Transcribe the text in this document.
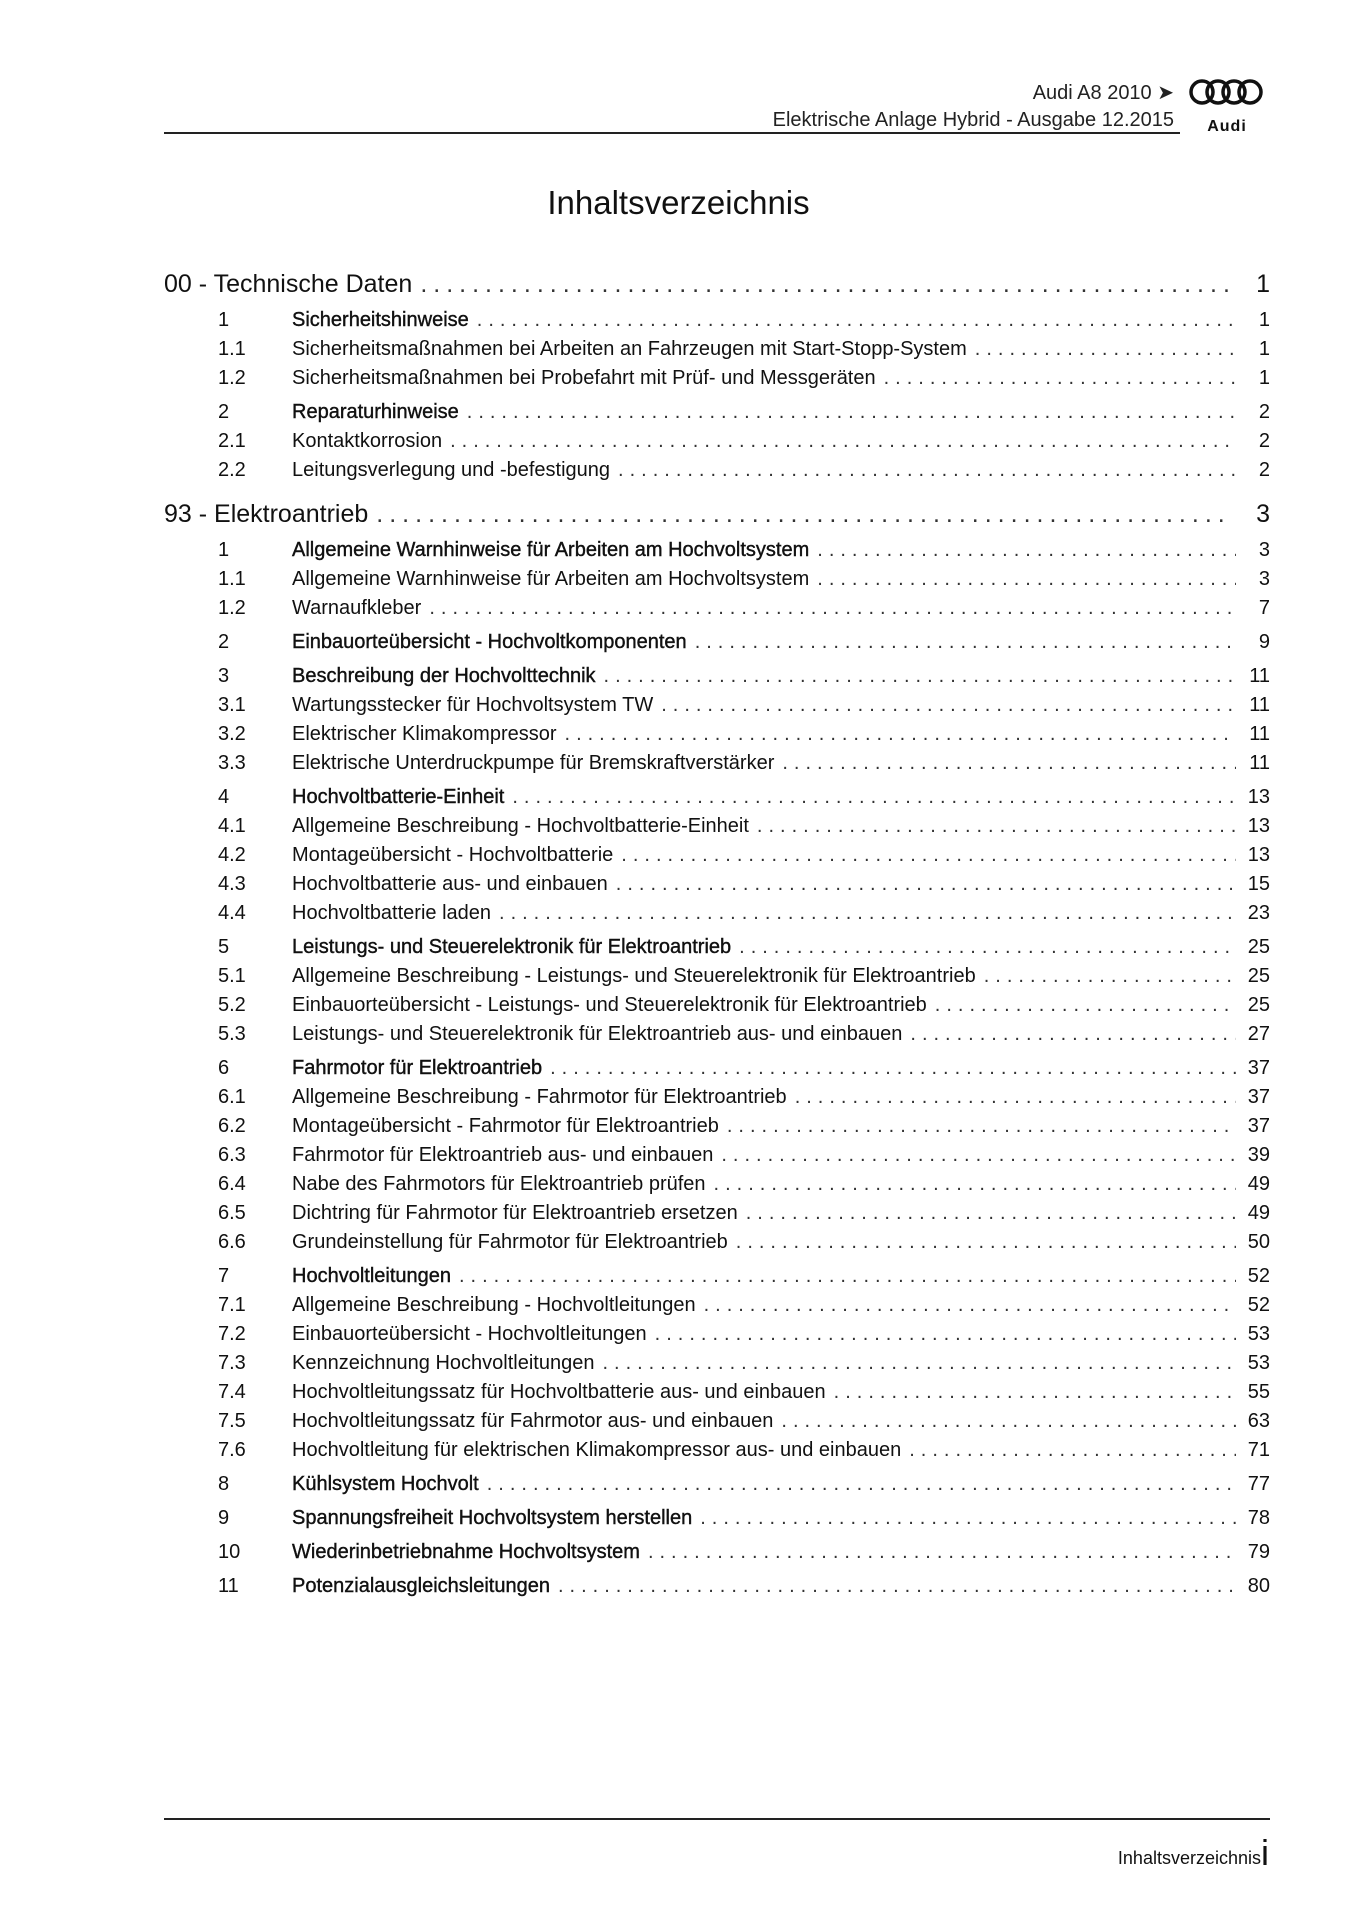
Audi A8 2010 ➤
Elektrische Anlage Hybrid - Ausgabe 12.2015	Audi
Inhaltsverzeichnis
00 - Technische Daten .....	1
1	Sicherheitshinweise .....	1
1.1	Sicherheitsmaßnahmen bei Arbeiten an Fahrzeugen mit Start-Stopp-System .....	1
1.2	Sicherheitsmaßnahmen bei Probefahrt mit Prüf- und Messgeräten .....	1
2	Reparaturhinweise .....	2
2.1	Kontaktkorrosion .....	2
2.2	Leitungsverlegung und -befestigung .....	2
93 - Elektroantrieb .....	3
1	Allgemeine Warnhinweise für Arbeiten am Hochvoltsystem .....	3
1.1	Allgemeine Warnhinweise für Arbeiten am Hochvoltsystem .....	3
1.2	Warnaufkleber .....	7
2	Einbauorteübersicht - Hochvoltkomponenten .....	9
3	Beschreibung der Hochvolttechnik .....	11
3.1	Wartungsstecker für Hochvoltsystem TW .....	11
3.2	Elektrischer Klimakompressor .....	11
3.3	Elektrische Unterdruckpumpe für Bremskraftverstärker .....	11
4	Hochvoltbatterie-Einheit .....	13
4.1	Allgemeine Beschreibung - Hochvoltbatterie-Einheit .....	13
4.2	Montageübersicht - Hochvoltbatterie .....	13
4.3	Hochvoltbatterie aus- und einbauen .....	15
4.4	Hochvoltbatterie laden .....	23
5	Leistungs- und Steuerelektronik für Elektroantrieb .....	25
5.1	Allgemeine Beschreibung - Leistungs- und Steuerelektronik für Elektroantrieb .....	25
5.2	Einbauorteübersicht - Leistungs- und Steuerelektronik für Elektroantrieb .....	25
5.3	Leistungs- und Steuerelektronik für Elektroantrieb aus- und einbauen .....	27
6	Fahrmotor für Elektroantrieb .....	37
6.1	Allgemeine Beschreibung - Fahrmotor für Elektroantrieb .....	37
6.2	Montageübersicht - Fahrmotor für Elektroantrieb .....	37
6.3	Fahrmotor für Elektroantrieb aus- und einbauen .....	39
6.4	Nabe des Fahrmotors für Elektroantrieb prüfen .....	49
6.5	Dichtring für Fahrmotor für Elektroantrieb ersetzen .....	49
6.6	Grundeinstellung für Fahrmotor für Elektroantrieb .....	50
7	Hochvoltleitungen .....	52
7.1	Allgemeine Beschreibung - Hochvoltleitungen .....	52
7.2	Einbauorteübersicht - Hochvoltleitungen .....	53
7.3	Kennzeichnung Hochvoltleitungen .....	53
7.4	Hochvoltleitungssatz für Hochvoltbatterie aus- und einbauen .....	55
7.5	Hochvoltleitungssatz für Fahrmotor aus- und einbauen .....	63
7.6	Hochvoltleitung für elektrischen Klimakompressor aus- und einbauen .....	71
8	Kühlsystem Hochvolt .....	77
9	Spannungsfreiheit Hochvoltsystem herstellen .....	78
10	Wiederinbetriebnahme Hochvoltsystem .....	79
11	Potenzialausgleichsleitungen .....	80
Inhaltsverzeichnis i
